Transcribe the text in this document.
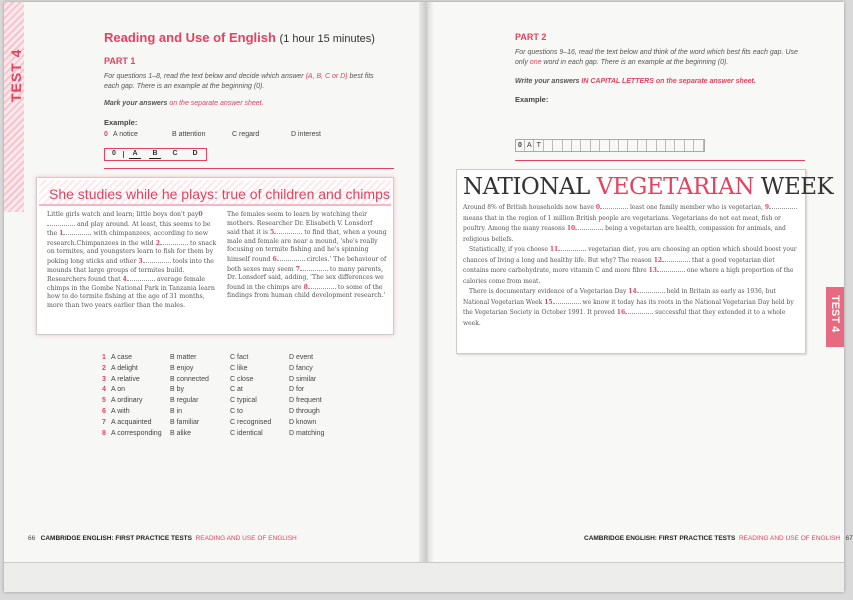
TEST 4
Reading and Use of English (1 hour 15 minutes)
PART 1
For questions 1–8, read the text below and decide which answer (A, B, C or D) best fits each gap. There is an example at the beginning (0).
Mark your answers on the separate answer sheet.
Example:
0 A notice	B attention	C regard	D interest
0	A	B	C	D
She studies while he plays: true of children and chimps
Little girls watch and learn; little boys don't pay0 and play around. At least, this seems to be the 1	with chimpanzees, according to new research.Chimpanzees in the wild 2	to snack on termites, and youngsters learn to fish for them by poking long sticks and other 3	tools into the mounds that large groups of termites build. Researchers found that 4	average female chimps in the Gombe National Park in Tanzania learn how to do termite fishing at the age of 31 months, more than two years earlier than the males.
The females seem to learn by watching their mothers. Researcher Dr. Elisabeth V. Lonsdorf said that it is 5	to find that, when a young male and female are near a mound, 'she's really focusing on termite fishing and he's spinning himself round 6	circles.' The behaviour of both sexes may seem 7	to many parents, Dr. Lonsdorf said, adding, 'The sex differences we found in the chimps are 8	to some of the findings from human child development research.'
1 A case	B matter	C fact	D event
2 A delight	B enjoy	C like	D fancy
3 A relative	B connected	C close	D similar
4 A on	B by	C at	D for
5 A ordinary	B regular	C typical	D frequent
6 A with	B in	C to	D through
7 A acquainted	B familiar	C recognised	D known
8 A corresponding B alike	C identical	D matching
66 CAMBRIDGE ENGLISH: FIRST PRACTICE TESTS READING AND USE OF ENGLISH
PART 2
For questions 9–16, read the text below and think of the word which best fits each gap. Use only one word in each gap. There is an example at the beginning (0).
Write your answers IN CAPITAL LETTERS on the separate answer sheet.
Example:
TEST 4
CAMBRIDGE ENGLISH: FIRST PRACTICE TESTS READING AND USE OF ENGLISH 67
0 A T
NATIONAL VEGETARIAN WEEK

Around 8% of British households now have 0	least one family member who is vegetarian, 9 means that in the region of 1 million British people are vegetarians. Vegetarians do not eat meat, fish or poultry. Among the many reasons 10	being a vegetarian are health, compassion for animals, and religious beliefs.

Statistically, if you choose 11	vegetarian diet, you are choosing an option which should boost your chances of living a long and healthy life. But why? The reason 12	that a good vegetarian diet contains more carbohydrate, more vitamin C and more fibre 13	one where a high proportion of the calories come from meat.

There is documentary evidence of a Vegetarian Day 14	held in Britain as early as 1936, but National Vegetarian Week 15	we know it today has its roots in the National Vegetarian Day held by the Vegetarian Society in October 1991. It proved 16	successful that they extended it to a whole week.
